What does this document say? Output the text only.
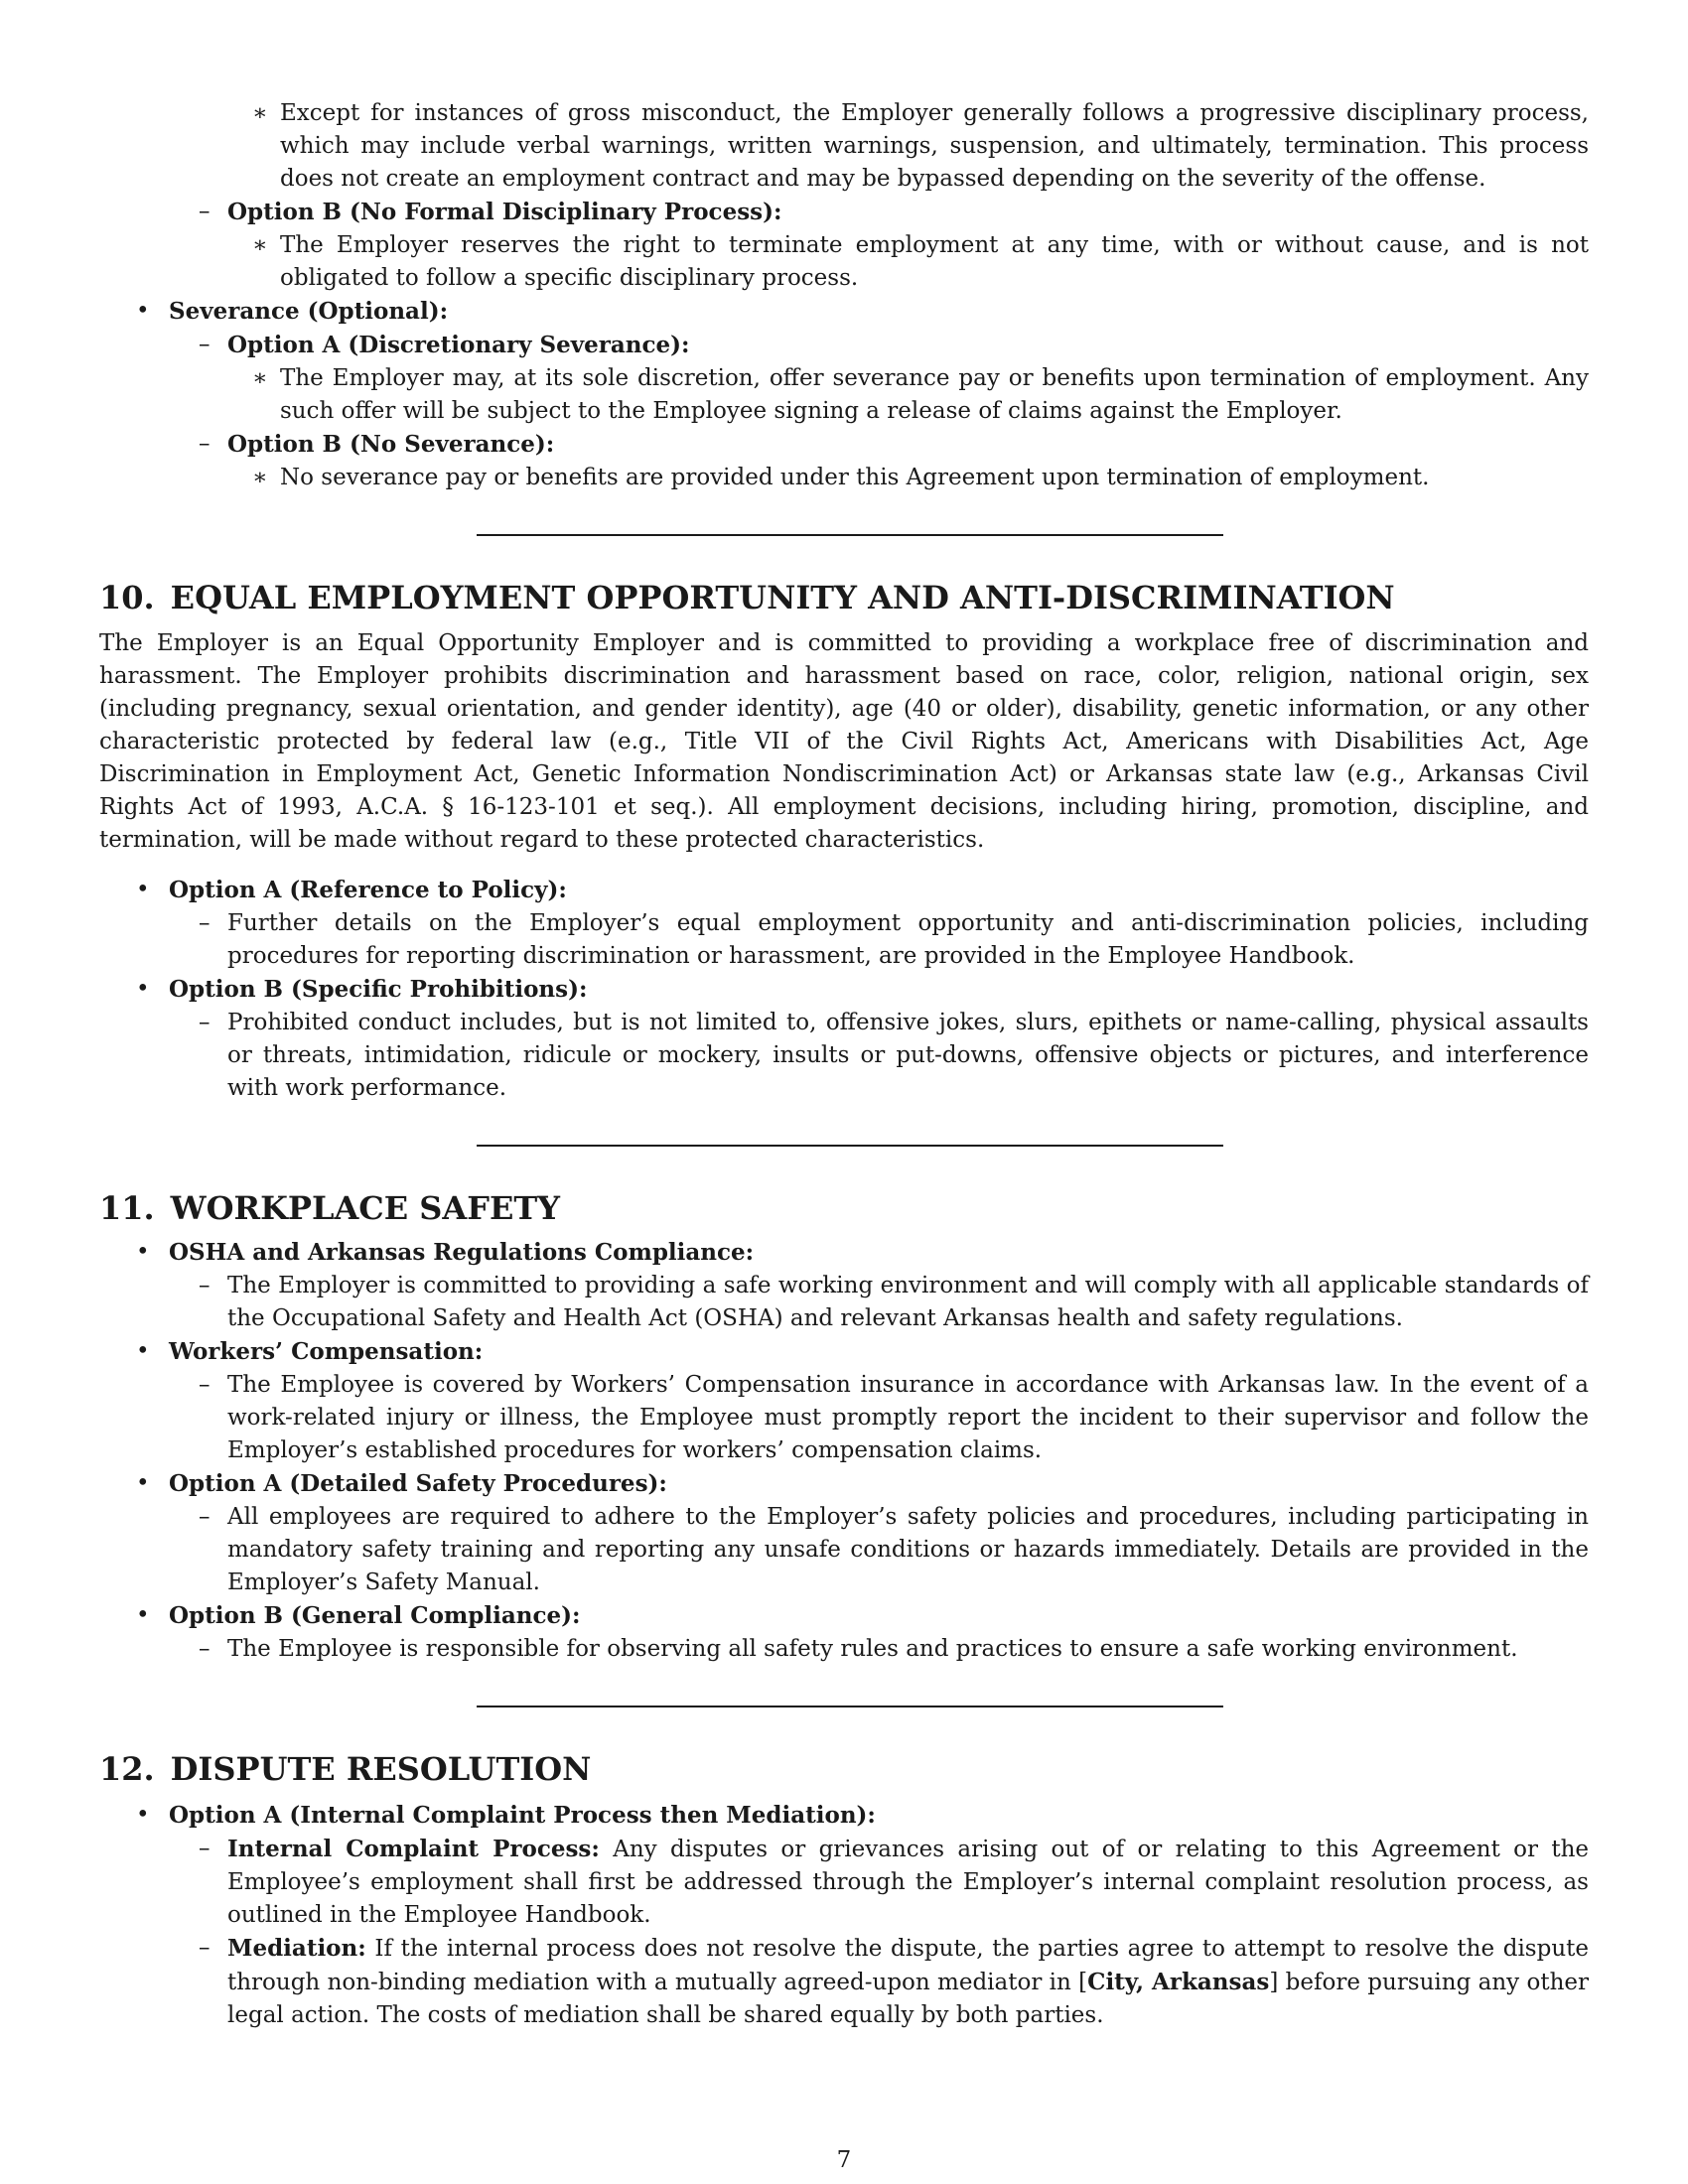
∗ Except for instances of gross misconduct, the Employer generally follows a progressive disciplinary process, which may include verbal warnings, written warnings, suspension, and ultimately, termination. This process does not create an employment contract and may be bypassed depending on the severity of the offense.
– Option B (No Formal Disciplinary Process):
∗ The Employer reserves the right to terminate employment at any time, with or without cause, and is not obligated to follow a specific disciplinary process.
• Severance (Optional):
– Option A (Discretionary Severance):
∗ The Employer may, at its sole discretion, offer severance pay or benefits upon termination of employment. Any such offer will be subject to the Employee signing a release of claims against the Employer.
– Option B (No Severance):
∗ No severance pay or benefits are provided under this Agreement upon termination of employment.
10. EQUAL EMPLOYMENT OPPORTUNITY AND ANTI-DISCRIMINATION

The Employer is an Equal Opportunity Employer and is committed to providing a workplace free of discrimination and harassment. The Employer prohibits discrimination and harassment based on race, color, religion, national origin, sex (including pregnancy, sexual orientation, and gender identity), age (40 or older), disability, genetic information, or any other characteristic protected by federal law (e.g., Title VII of the Civil Rights Act, Americans with Disabilities Act, Age Discrimination in Employment Act, Genetic Information Nondiscrimination Act) or Arkansas state law (e.g., Arkansas Civil Rights Act of 1993, A.C.A. § 16-123-101 et seq.). All employment decisions, including hiring, promotion, discipline, and termination, will be made without regard to these protected characteristics.

• Option A (Reference to Policy):
– Further details on the Employer’s equal employment opportunity and anti-discrimination policies, including procedures for reporting discrimination or harassment, are provided in the Employee Handbook.
• Option B (Specific Prohibitions):
– Prohibited conduct includes, but is not limited to, offensive jokes, slurs, epithets or name-calling, physical assaults or threats, intimidation, ridicule or mockery, insults or put-downs, offensive objects or pictures, and interference with work performance.
11. WORKPLACE SAFETY
• OSHA and Arkansas Regulations Compliance:
– The Employer is committed to providing a safe working environment and will comply with all applicable standards of the Occupational Safety and Health Act (OSHA) and relevant Arkansas health and safety regulations.
• Workers’ Compensation:
– The Employee is covered by Workers’ Compensation insurance in accordance with Arkansas law. In the event of a work-related injury or illness, the Employee must promptly report the incident to their supervisor and follow the Employer’s established procedures for workers’ compensation claims.
• Option A (Detailed Safety Procedures):
– All employees are required to adhere to the Employer’s safety policies and procedures, including participating in mandatory safety training and reporting any unsafe conditions or hazards immediately. Details are provided in the Employer’s Safety Manual.
• Option B (General Compliance):
– The Employee is responsible for observing all safety rules and practices to ensure a safe working environment.
12. DISPUTE RESOLUTION
• Option A (Internal Complaint Process then Mediation):
– Internal Complaint Process: Any disputes or grievances arising out of or relating to this Agreement or the Employee’s employment shall first be addressed through the Employer’s internal complaint resolution process, as outlined in the Employee Handbook.
– Mediation: If the internal process does not resolve the dispute, the parties agree to attempt to resolve the dispute through non-binding mediation with a mutually agreed-upon mediator in [City, Arkansas] before pursuing any other legal action. The costs of mediation shall be shared equally by both parties.
7
